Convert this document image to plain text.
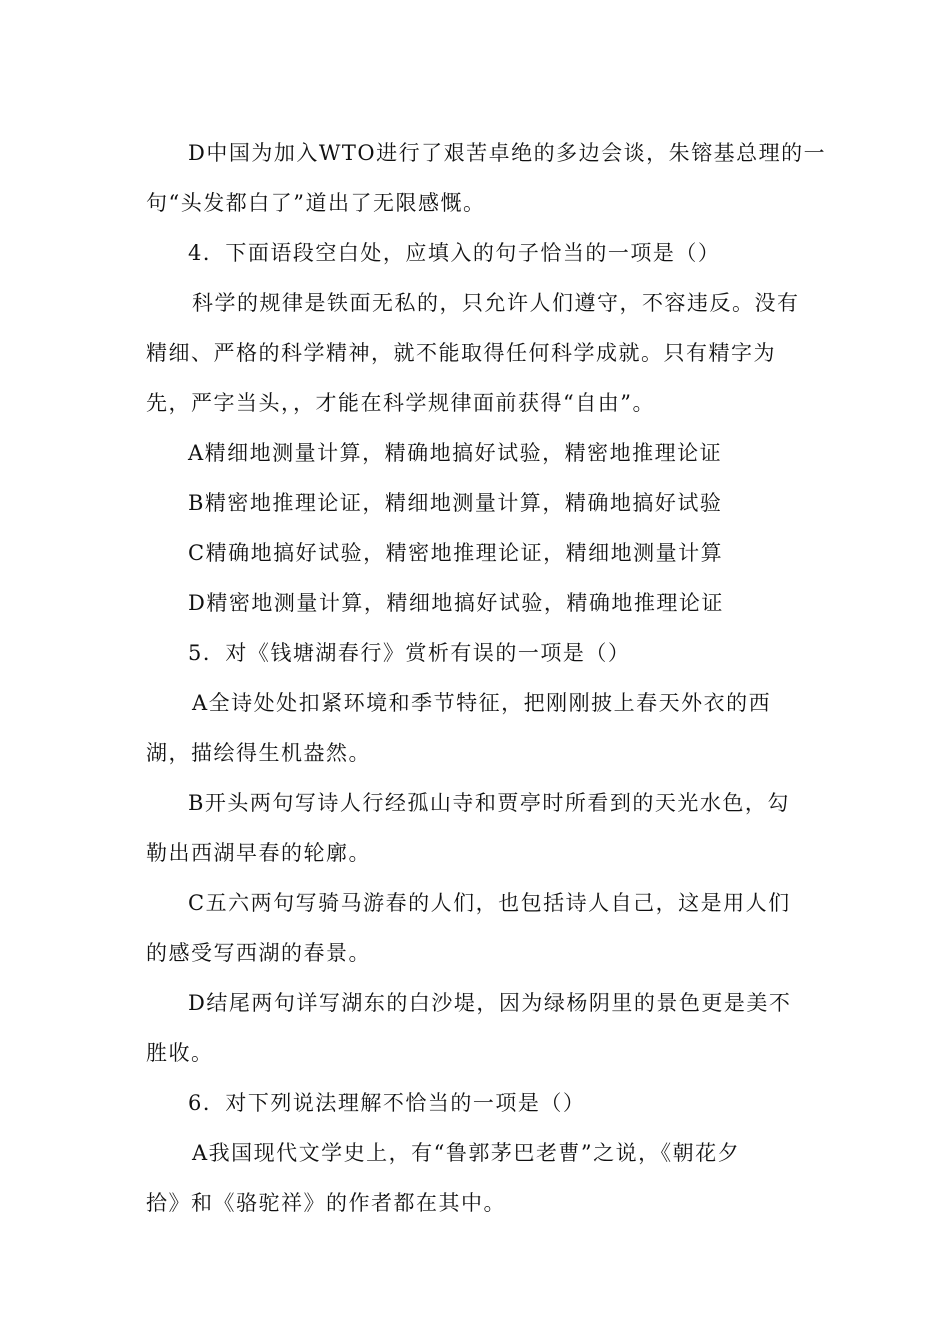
D中国为加入WTO进行了艰苦卓绝的多边会谈，朱镕基总理的一
句“头发都白了”道出了无限感慨。
4．下面语段空白处，应填入的句子恰当的一项是（）
科学的规律是铁面无私的，只允许人们遵守，不容违反。没有
精细、严格的科学精神，就不能取得任何科学成就。只有精字为
先，严字当头，，才能在科学规律面前获得“自由”。
A精细地测量计算，精确地搞好试验，精密地推理论证
B精密地推理论证，精细地测量计算，精确地搞好试验
C精确地搞好试验，精密地推理论证，精细地测量计算
D精密地测量计算，精细地搞好试验，精确地推理论证
5．对《钱塘湖春行》赏析有误的一项是（）
A全诗处处扣紧环境和季节特征，把刚刚披上春天外衣的西
湖，描绘得生机盎然。
B开头两句写诗人行经孤山寺和贾亭时所看到的天光水色，勾
勒出西湖早春的轮廓。
C五六两句写骑马游春的人们，也包括诗人自己，这是用人们
的感受写西湖的春景。
D结尾两句详写湖东的白沙堤，因为绿杨阴里的景色更是美不
胜收。
6．对下列说法理解不恰当的一项是（）
A我国现代文学史上，有“鲁郭茅巴老曹”之说，《朝花夕
拾》和《骆驼祥》的作者都在其中。
